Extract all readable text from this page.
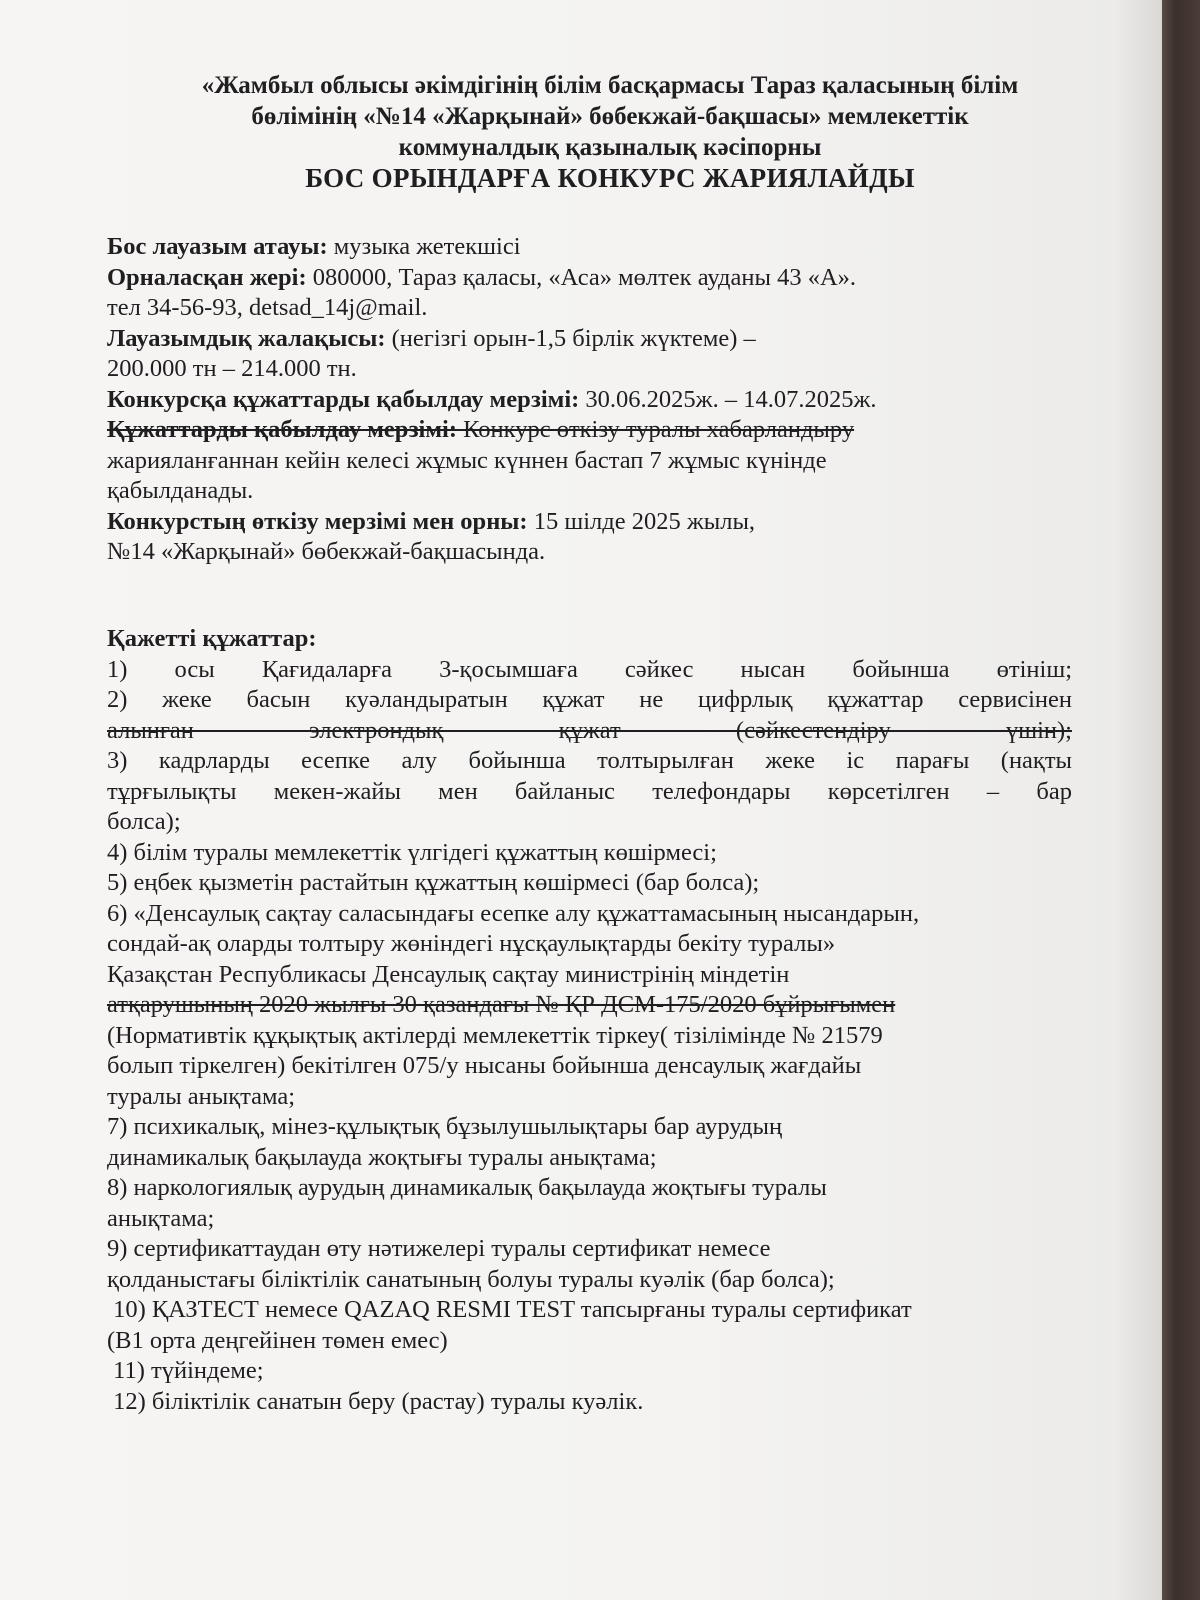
«Жамбыл облысы әкімдігінің білім басқармасы Тараз қаласының білім
бөлімінің «№14 «Жарқынай» бөбекжай-бақшасы» мемлекеттік
коммуналдық қазыналық кәсіпорны
БОС ОРЫНДАРҒА КОНКУРС ЖАРИЯЛАЙДЫ
Бос лауазым атауы: музыка жетекшісі
Орналасқан жері: 080000, Тараз қаласы, «Аса» мөлтек ауданы 43 «А».
тел 34-56-93, detsad_14j@mail.
Лауазымдық жалақысы: (негізгі орын-1,5 бірлік жүктеме) –
200.000 тн – 214.000 тн.
Конкурсқа құжаттарды қабылдау мерзімі: 30.06.2025ж. – 14.07.2025ж.
Құжаттарды қабылдау мерзімі: Конкурс өткізу туралы хабарландыру
жарияланғаннан кейін келесі жұмыс күннен бастап 7 жұмыс күнінде
қабылданады.
Конкурстың өткізу мерзімі мен орны: 15 шілде 2025 жылы,
№14 «Жарқынай» бөбекжай-бақшасында.
Қажетті құжаттар:
1) осы Қағидаларға 3-қосымшаға сәйкес нысан бойынша өтініш;
2) жеке басын куәландыратын құжат не цифрлық құжаттар сервисінен
алынған электрондық құжат (сәйкестендіру үшін);
3) кадрларды есепке алу бойынша толтырылған жеке іс парағы (нақты
тұрғылықты мекен-жайы мен байланыс телефондары көрсетілген – бар
болса);
4) білім туралы мемлекеттік үлгідегі құжаттың көшірмесі;
5) еңбек қызметін растайтын құжаттың көшірмесі (бар болса);
6) «Денсаулық сақтау саласындағы есепке алу құжаттамасының нысандарын,
сондай-ақ оларды толтыру жөніндегі нұсқаулықтарды бекіту туралы»
Қазақстан Республикасы Денсаулық сақтау министрінің міндетін
атқарушының 2020 жылғы 30 қазандағы № ҚР ДСМ-175/2020 бұйрығымен
(Нормативтік құқықтық актілерді мемлекеттік тіркеу( тізілімінде № 21579
болып тіркелген) бекітілген 075/у нысаны бойынша денсаулық жағдайы
туралы анықтама;
7) психикалық, мінез-құлықтық бұзылушылықтары бар аурудың
динамикалық бақылауда жоқтығы туралы анықтама;
8) наркологиялық аурудың динамикалық бақылауда жоқтығы туралы
анықтама;
9) сертификаттаудан өту нәтижелері туралы сертификат немесе
қолданыстағы біліктілік санатының болуы туралы куәлік (бар болса);
10) ҚАЗТЕСТ немесе QAZAQ RESMI TEST тапсырғаны туралы сертификат
(В1 орта деңгейінен төмен емес)
11) түйіндеме;
12) біліктілік санатын беру (растау) туралы куәлік.
